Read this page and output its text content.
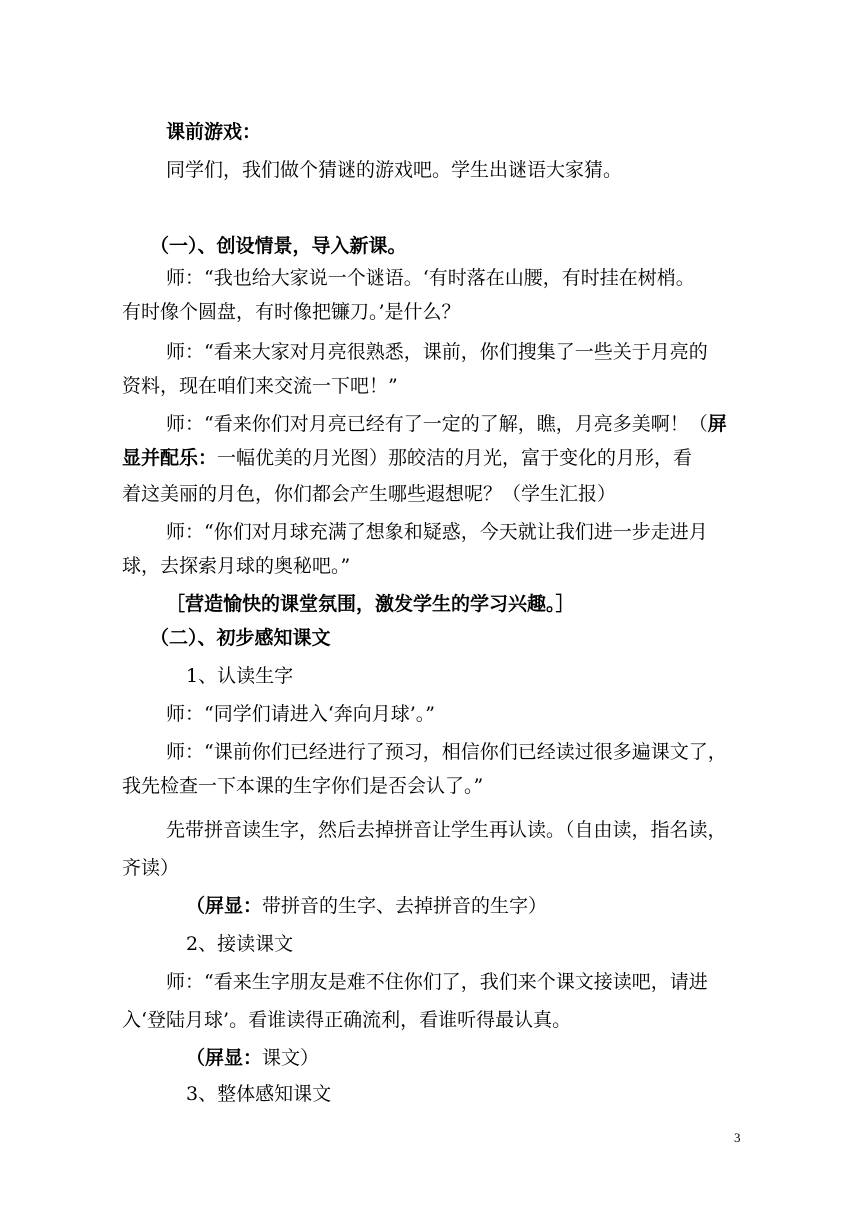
课前游戏：
同学们，我们做个猜谜的游戏吧。学生出谜语大家猜。
（一）、创设情景，导入新课。
师：“我也给大家说一个谜语。‘有时落在山腰，有时挂在树梢。
有时像个圆盘，有时像把镰刀。’是什么？
师：“看来大家对月亮很熟悉，课前，你们搜集了一些关于月亮的
资料，现在咱们来交流一下吧！”
师：“看来你们对月亮已经有了一定的了解，瞧，月亮多美啊！（屏
显并配乐：一幅优美的月光图）那皎洁的月光，富于变化的月形，看
着这美丽的月色，你们都会产生哪些遐想呢？（学生汇报）
师：“你们对月球充满了想象和疑惑，今天就让我们进一步走进月
球，去探索月球的奥秘吧。”
［营造愉快的课堂氛围，激发学生的学习兴趣。］
（二）、初步感知课文
1、认读生字
师：“同学们请进入‘奔向月球’。”
师：“课前你们已经进行了预习，相信你们已经读过很多遍课文了，
我先检查一下本课的生字你们是否会认了。”
先带拼音读生字，然后去掉拼音让学生再认读。（自由读，指名读，
齐读）
（屏显：带拼音的生字、去掉拼音的生字）
2、接读课文
师：“看来生字朋友是难不住你们了，我们来个课文接读吧，请进
入‘登陆月球’。看谁读得正确流利，看谁听得最认真。
（屏显：课文）
3、整体感知课文
3
